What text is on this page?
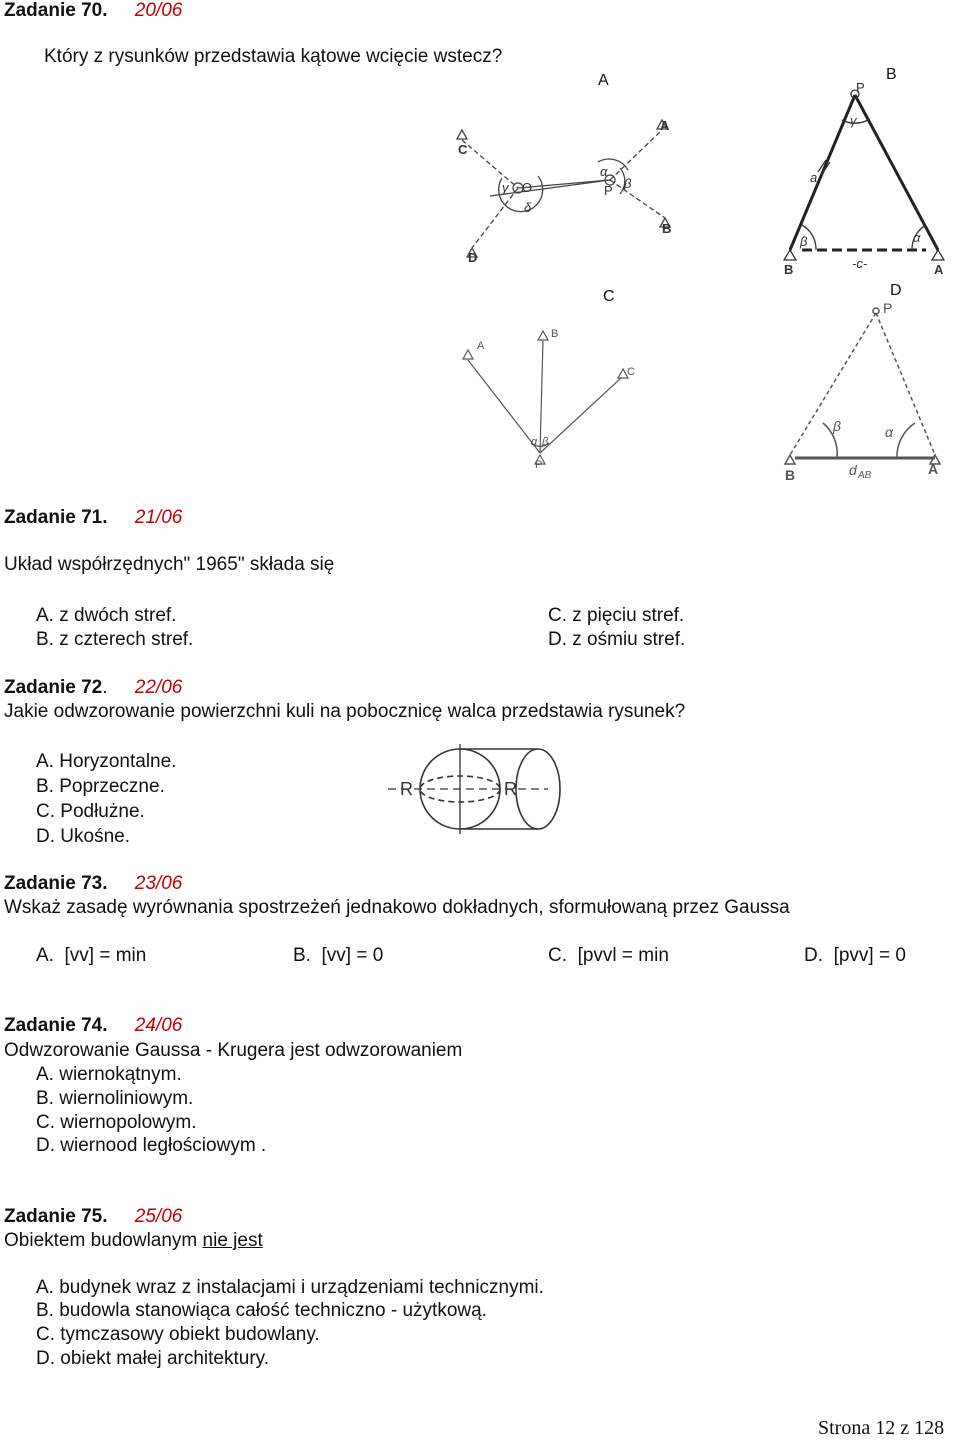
Zadanie 70. 20/06
Który z rysunków przedstawia kątowe wcięcie wstecz?
A	B
C	D
C
A
B
D
O	P
γ
δ
α
β
P
γ
a
β	α
-c-
B	A
A
B
C
P
α β
P
β	α
d AB
B	A
Zadanie 71. 21/06
Układ współrzędnych" 1965" składa się
A. z dwóch stref.
B. z czterech stref.
C. z pięciu stref.
D. z ośmiu stref.
Zadanie 72. 22/06
Jakie odwzorowanie powierzchni kuli na pobocznicę walca przedstawia rysunek?
A. Horyzontalne.
B. Poprzeczne.
C. Podłużne.
D. Ukośne.
R	R
Zadanie 73. 23/06
Wskaż zasadę wyrównania spostrzeżeń jednakowo dokładnych, sformułowaną przez Gaussa
A. [vv] = min	B. [vv] = 0	C. [pvvl = min	D. [pvv] = 0
Zadanie 74. 24/06
Odwzorowanie Gaussa - Krugera jest odwzorowaniem
A. wiernokątnym.
B. wiernoliniowym.
C. wiernopolowym.
D. wiernood ległościowym .
Zadanie 75. 25/06
Obiektem budowlanym nie jest
A. budynek wraz z instalacjami i urządzeniami technicznymi.
B. budowla stanowiąca całość techniczno - użytkową.
C. tymczasowy obiekt budowlany.
D. obiekt małej architektury.
Strona 12 z 128
